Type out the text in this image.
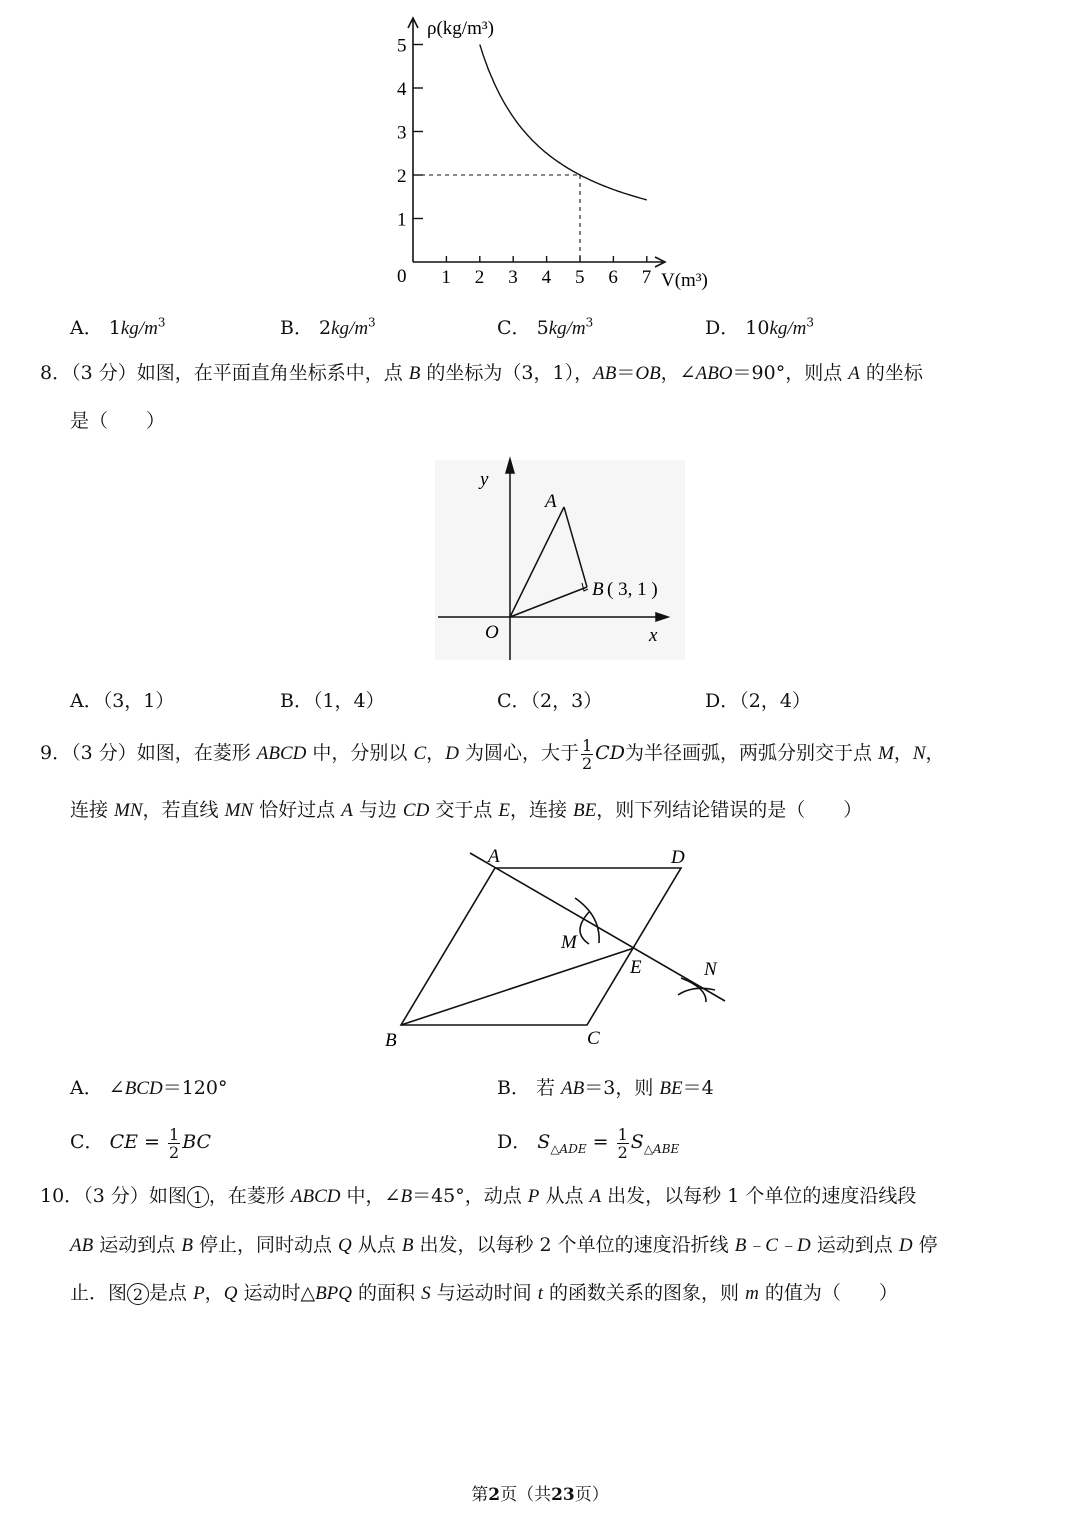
1 2 3 4 5 6 7
1
2
3
4
5
ρ(kg/m³)
V(m³)
0
A． $1kg/m^3$	B． $2kg/m^3$	C． $5kg/m^3$	D． $10kg/m^3$
8．（3 分）如图，在平面直角坐标系中，点 B 的坐标为（3，1），AB＝OB，∠ABO＝90°，则点 A 的坐标
是（　　）
y
x
O
A
B ( 3, 1 )
A．（3，1）	B．（1，4）	C．（2，3）	D．（2，4）
9．（3 分）如图，在菱形 ABCD 中，分别以 C，D 为圆心，大于 $\frac{1}{2}$ CD为半径画弧，两弧分别交于点 M，N，
连接 MN，若直线 MN 恰好过点 A 与边 CD 交于点 E，连接 BE，则下列结论错误的是（　　）
A	D
B	C
E
M
N
A． ∠BCD＝120°	B． 若 AB＝3，则 BE＝4
C． CE = $\frac{1}{2}$ BC	D． $S_{\triangle ADE} = \frac{1}{2} S_{\triangle ABE}$
10．（3 分）如图 1 ，在菱形 ABCD 中，∠B＝45°，动点 P 从点 A 出发，以每秒 1 个单位的速度沿线段
AB 运动到点 B 停止，同时动点 Q 从点 B 出发，以每秒 2 个单位的速度沿折线 B﹣C﹣D 运动到点 D 停
止．图 2 是点 P，Q 运动时△BPQ 的面积 S 与运动时间 t 的函数关系的图象，则 m 的值为（　　）
第2页（共23页）
